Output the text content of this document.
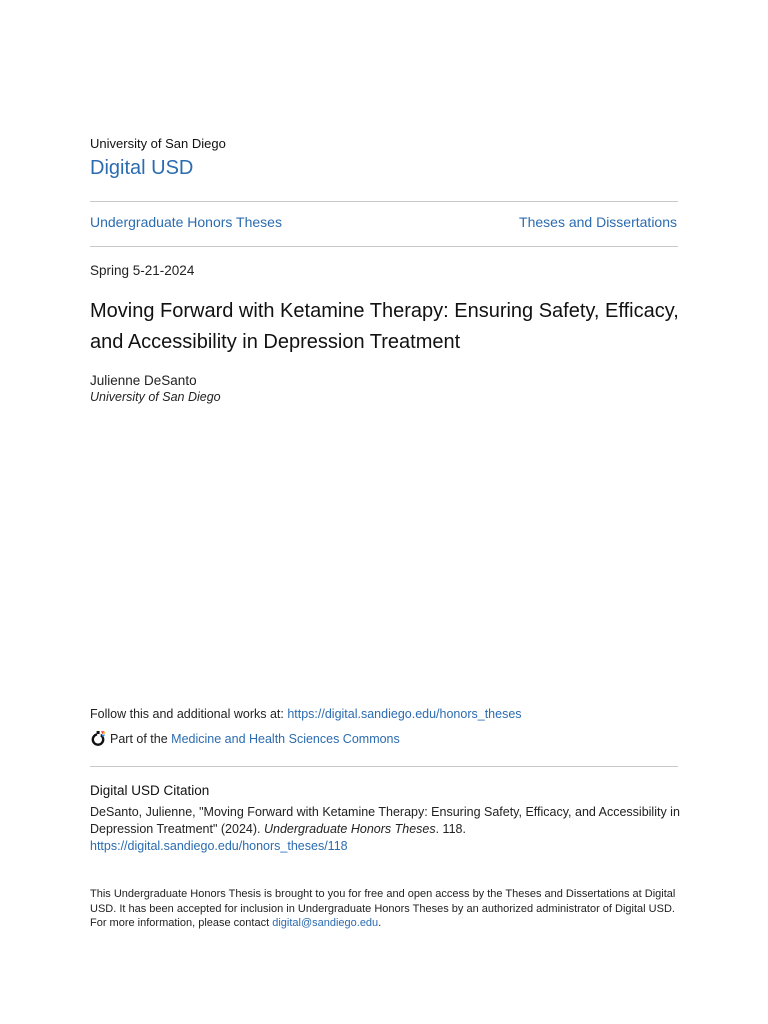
University of San Diego
Digital USD
Undergraduate Honors Theses	Theses and Dissertations
Spring 5-21-2024
Moving Forward with Ketamine Therapy: Ensuring Safety, Efficacy, and Accessibility in Depression Treatment
Julienne DeSanto
University of San Diego
Follow this and additional works at: https://digital.sandiego.edu/honors_theses
Part of the
Medicine and Health Sciences Commons
Digital USD Citation
DeSanto, Julienne, "Moving Forward with Ketamine Therapy: Ensuring Safety, Efficacy, and Accessibility in Depression Treatment" (2024). Undergraduate Honors Theses. 118.
https://digital.sandiego.edu/honors_theses/118
This Undergraduate Honors Thesis is brought to you for free and open access by the Theses and Dissertations at Digital USD. It has been accepted for inclusion in Undergraduate Honors Theses by an authorized administrator of Digital USD. For more information, please contact digital@sandiego.edu.
